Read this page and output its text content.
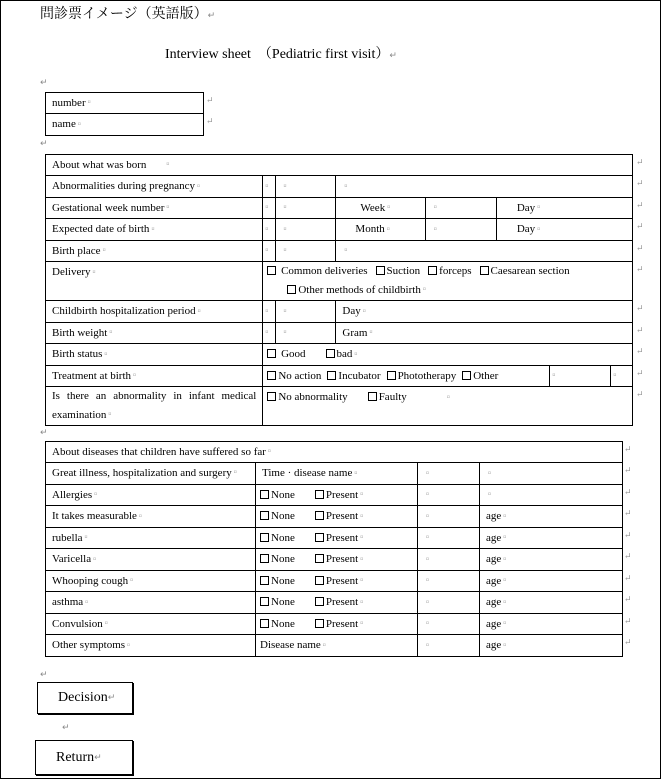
問診票イメージ（英語版）↵
Interview sheet　（Pediatric first visit）↵
↵
number ¤
name ¤
↵
About what was born ¤					
Abnormalities during pregnancy ¤	¤	¤	¤		
Gestational week number ¤	¤	¤	Week ¤	¤	Day ¤
Expected date of birth ¤	¤	¤	Month ¤	¤	Day ¤
Birth place ¤	¤	¤	¤		
Delivery ¤	Common deliveries Suction forceps Caesarean section
Other methods of childbirth ¤				

Childbirth hospitalization period ¤	¤	¤	Day ¤		
Birth weight ¤	¤	¤	Gram ¤		
Birth status ¤	Good bad ¤				
Treatment at birth ¤	No action Incubator Phototherapy Other ¤ ¤				

Is there an abnormality in infant medical examination ¤	No abnormality Faulty ¤				
↵
About diseases that children have suffered so far ¤			
Great illness, hospitalization and surgery ¤	Time · disease name ¤	¤	¤
Allergies ¤	None Present ¤	¤	¤
It takes measurable ¤	None Present ¤	¤	age ¤
rubella ¤	None Present ¤	¤	age ¤
Varicella ¤	None Present ¤	¤	age ¤
Whooping cough ¤	None Present ¤	¤	age ¤
asthma ¤	None Present ¤	¤	age ¤
Convulsion ¤	None Present ¤	¤	age ¤
Other symptoms ¤	Disease name ¤	¤	age ¤
↵
Decision ↵
↵
Return ↵
↵
↵
↵
↵
↵
↵
↵
↵
↵
↵
↵
↵
↵
↵
↵
↵
↵
↵
↵
↵
↵
↵
↵
